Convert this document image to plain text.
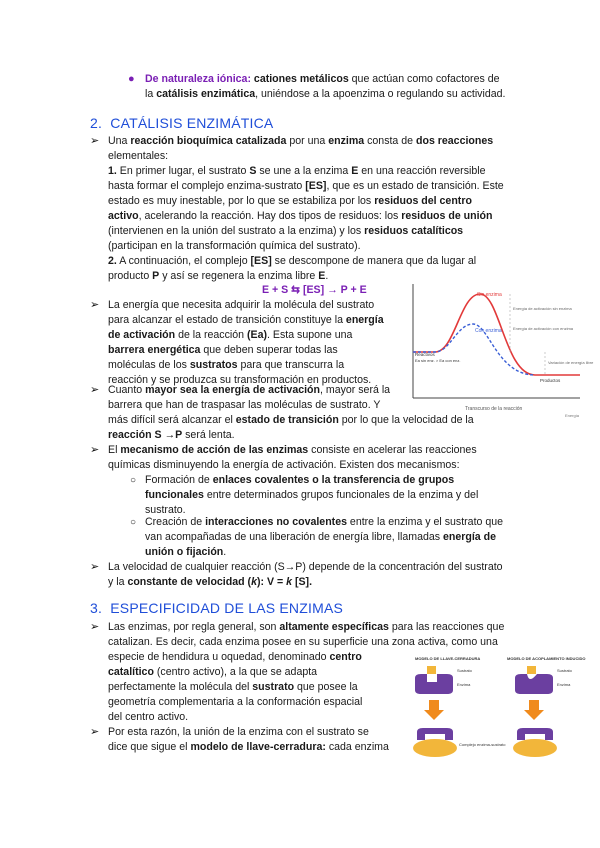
● De naturaleza iónica: cationes metálicos que actúan como cofactores de
la catálisis enzimática, uniéndose a la apoenzima o regulando su actividad.
2. CATÁLISIS ENZIMÁTICA
➢ Una reacción bioquímica catalizada por una enzima consta de dos reacciones
elementales:
1. En primer lugar, el sustrato S se une a la enzima E en una reacción reversible
hasta formar el complejo enzima-sustrato [ES], que es un estado de transición. Este
estado es muy inestable, por lo que se estabiliza por los residuos del centro
activo, acelerando la reacción. Hay dos tipos de residuos: los residuos de unión
(intervienen en la unión del sustrato a la enzima) y los residuos catalíticos
(participan en la transformación química del sustrato).
2. A continuación, el complejo [ES] se descompone de manera que da lugar al
producto P y así se regenera la enzima libre E.
E + S ⇆ [ES] → P + E	Sin enzima
Con enzima
Reactivos
Ea sin enz. > Ea con enz.
Productos
Transcurso de la reacción
Energía de activación sin enzima
Energía de activación con enzima
Variación de energía libre
Energía
➢ La energía que necesita adquirir la molécula del sustrato
para alcanzar el estado de transición constituye la energía
de activación de la reacción (Ea). Esta supone una
barrera energética que deben superar todas las
moléculas de los sustratos para que transcurra la
reacción y se produzca su transformación en productos.
➢ Cuanto mayor sea la energía de activación, mayor será la
barrera que han de traspasar las moléculas de sustrato. Y
más difícil será alcanzar el estado de transición por lo que la velocidad de la
reacción S →P será lenta.
➢ El mecanismo de acción de las enzimas consiste en acelerar las reacciones
químicas disminuyendo la energía de activación. Existen dos mecanismos:
○ Formación de enlaces covalentes o la transferencia de grupos
funcionales entre determinados grupos funcionales de la enzima y del
sustrato.
○ Creación de interacciones no covalentes entre la enzima y el sustrato que
van acompañadas de una liberación de energía libre, llamadas energía de
unión o fijación.
➢ La velocidad de cualquier reacción (S→P) depende de la concentración del sustrato
y la constante de velocidad (k): V = k [S].
3. ESPECIFICIDAD DE LAS ENZIMAS
➢ Las enzimas, por regla general, son altamente específicas para las reacciones que
catalizan. Es decir, cada enzima posee en su superficie una zona activa, como una
especie de hendidura u oquedad, denominado centro
catalítico (centro activo), a la que se adapta
perfectamente la molécula del sustrato que posee la
geometría complementaria a la conformación espacial
del centro activo.
➢ Por esta razón, la unión de la enzima con el sustrato se
dice que sigue el modelo de llave-cerradura: cada enzima
MODELO DE LLAVE-CERRADURA	MODELO DE ACOPLAMIENTO INDUCIDO
Sustrato
Enzima
Sustrato
Enzima
Complejo enzima-sustrato
